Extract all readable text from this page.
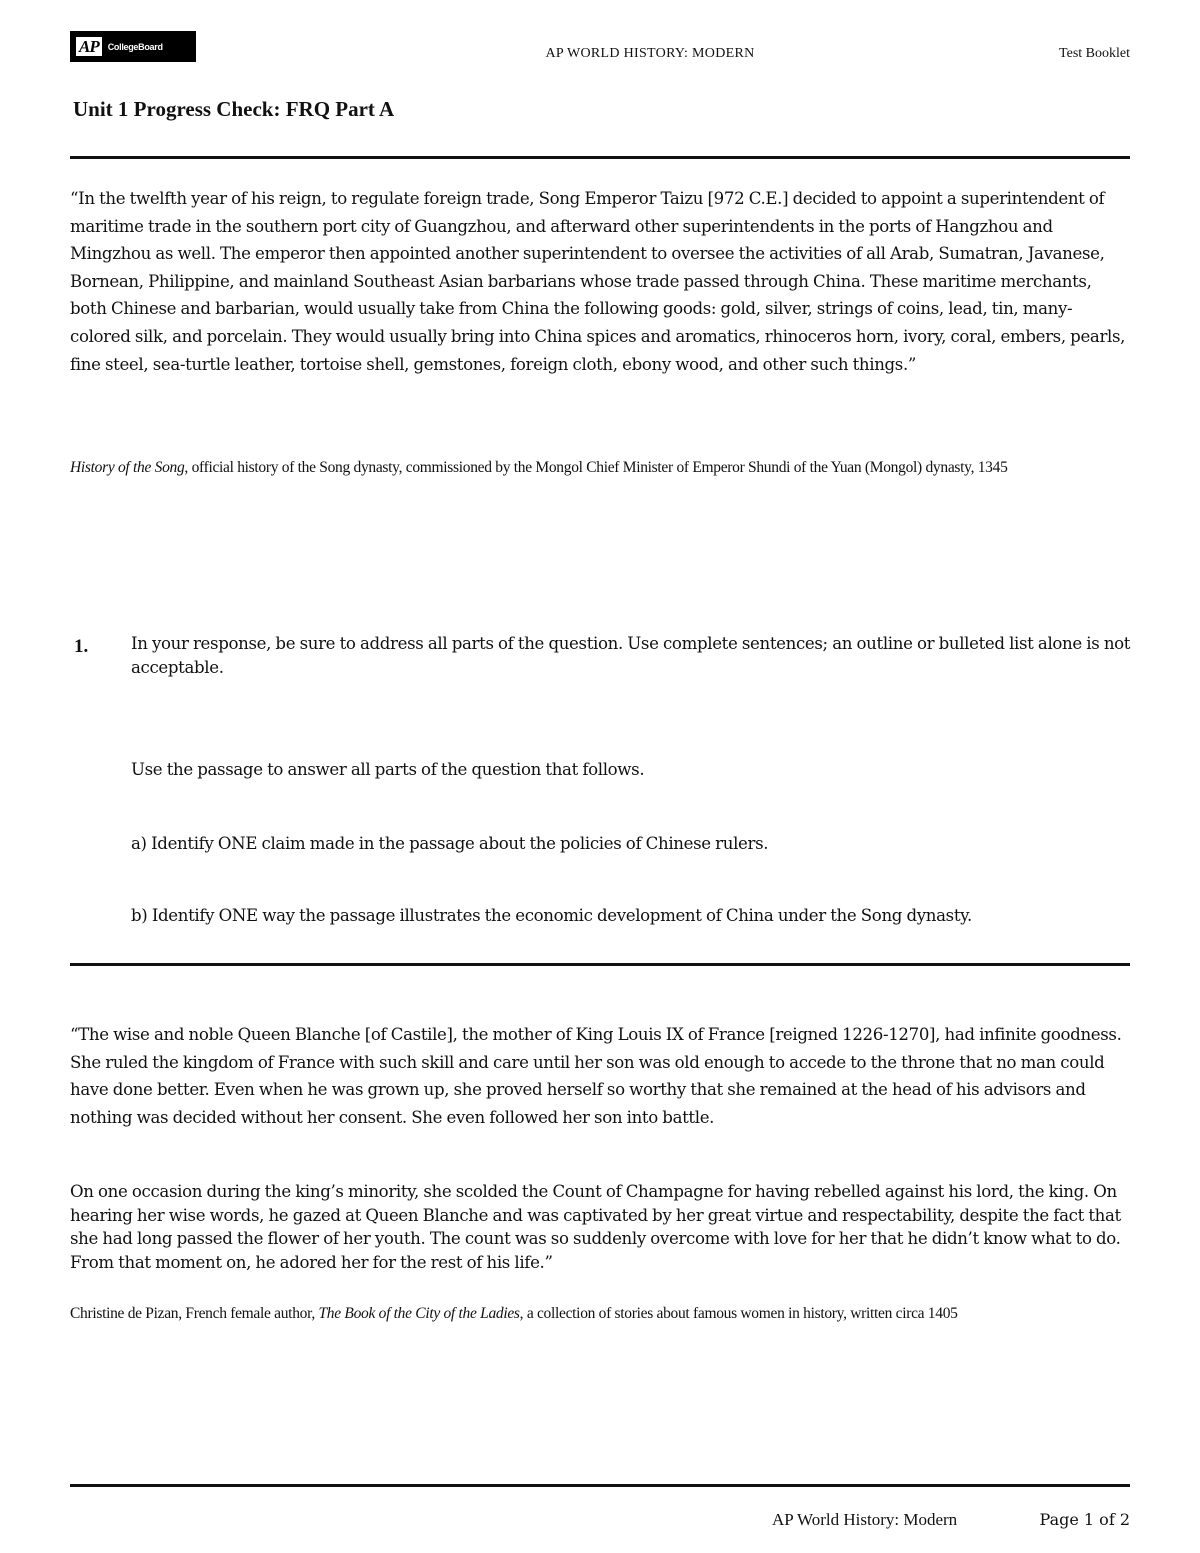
AP	CollegeBoard	AP WORLD HISTORY: MODERN	Test Booklet
Unit 1 Progress Check: FRQ Part A
“In the twelfth year of his reign, to regulate foreign trade, Song Emperor Taizu [972 C.E.] decided to appoint a superintendent of maritime trade in the southern port city of Guangzhou, and afterward other superintendents in the ports of Hangzhou and Mingzhou as well. The emperor then appointed another superintendent to oversee the activities of all Arab, Sumatran, Javanese, Bornean, Philippine, and mainland Southeast Asian barbarians whose trade passed through China. These maritime merchants, both Chinese and barbarian, would usually take from China the following goods: gold, silver, strings of coins, lead, tin, many-colored silk, and porcelain. They would usually bring into China spices and aromatics, rhinoceros horn, ivory, coral, embers, pearls, fine steel, sea-turtle leather, tortoise shell, gemstones, foreign cloth, ebony wood, and other such things.”
History of the Song, official history of the Song dynasty, commissioned by the Mongol Chief Minister of Emperor Shundi of the Yuan (Mongol) dynasty, 1345
1.	In your response, be sure to address all parts of the question. Use complete sentences; an outline or bulleted list alone is not acceptable.
Use the passage to answer all parts of the question that follows.
a) Identify ONE claim made in the passage about the policies of Chinese rulers.
b) Identify ONE way the passage illustrates the economic development of China under the Song dynasty.
“The wise and noble Queen Blanche [of Castile], the mother of King Louis IX of France [reigned 1226-1270], had infinite goodness. She ruled the kingdom of France with such skill and care until her son was old enough to accede to the throne that no man could have done better. Even when he was grown up, she proved herself so worthy that she remained at the head of his advisors and nothing was decided without her consent. She even followed her son into battle.
On one occasion during the king’s minority, she scolded the Count of Champagne for having rebelled against his lord, the king. On hearing her wise words, he gazed at Queen Blanche and was captivated by her great virtue and respectability, despite the fact that she had long passed the flower of her youth. The count was so suddenly overcome with love for her that he didn’t know what to do. From that moment on, he adored her for the rest of his life.”
Christine de Pizan, French female author, The Book of the City of the Ladies, a collection of stories about famous women in history, written circa 1405
AP World History: Modern	Page 1 of 2
